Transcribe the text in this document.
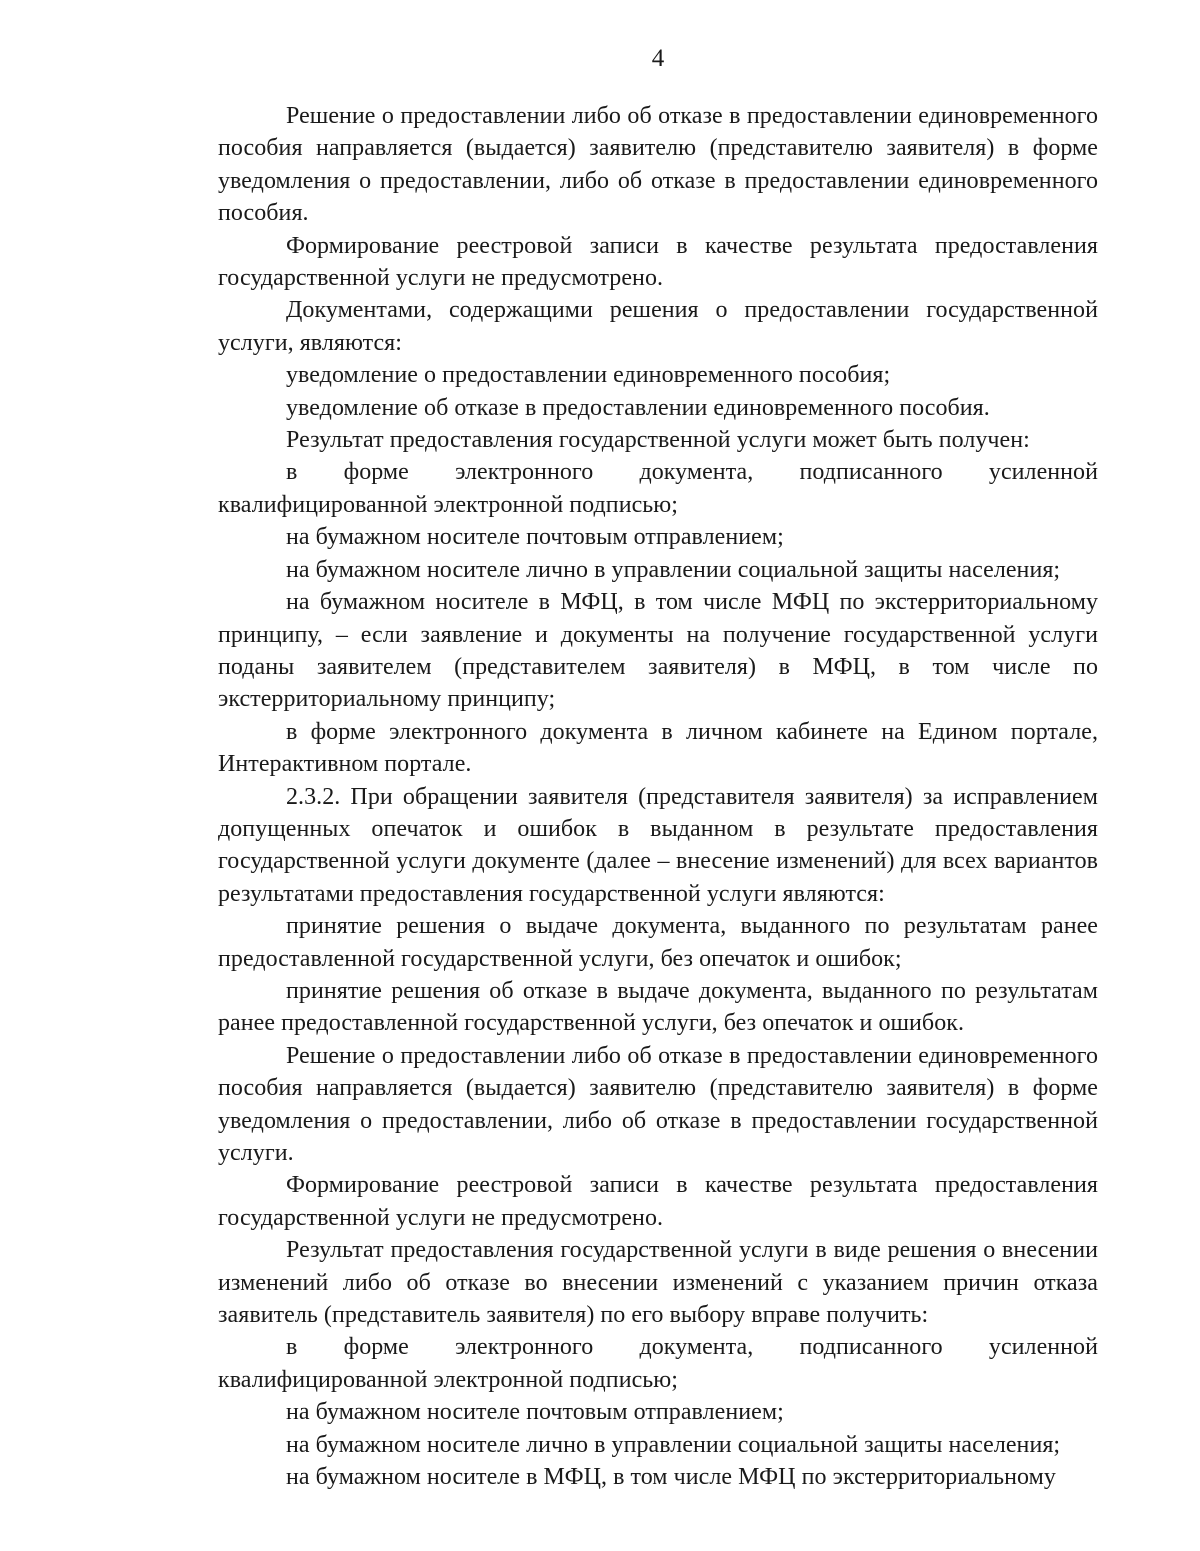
4

Решение о предоставлении либо об отказе в предоставлении единовременного пособия направляется (выдается) заявителю (представителю заявителя) в форме уведомления о предоставлении, либо об отказе в предоставлении единовременного пособия.

Формирование реестровой записи в качестве результата предоставления государственной услуги не предусмотрено.

Документами, содержащими решения о предоставлении государственной услуги, являются:

уведомление о предоставлении единовременного пособия;

уведомление об отказе в предоставлении единовременного пособия.

Результат предоставления государственной услуги может быть получен:

в форме электронного документа, подписанного усиленной квалифицированной электронной подписью;

на бумажном носителе почтовым отправлением;

на бумажном носителе лично в управлении социальной защиты населения;

на бумажном носителе в МФЦ, в том числе МФЦ по экстерриториальному принципу, – если заявление и документы на получение государственной услуги поданы заявителем (представителем заявителя) в МФЦ, в том числе по экстерриториальному принципу;

в форме электронного документа в личном кабинете на Едином портале, Интерактивном портале.

2.3.2. При обращении заявителя (представителя заявителя) за исправлением допущенных опечаток и ошибок в выданном в результате предоставления государственной услуги документе (далее – внесение изменений) для всех вариантов результатами предоставления государственной услуги являются:

принятие решения о выдаче документа, выданного по результатам ранее предоставленной государственной услуги, без опечаток и ошибок;

принятие решения об отказе в выдаче документа, выданного по результатам ранее предоставленной государственной услуги, без опечаток и ошибок.

Решение о предоставлении либо об отказе в предоставлении единовременного пособия направляется (выдается) заявителю (представителю заявителя) в форме уведомления о предоставлении, либо об отказе в предоставлении государственной услуги.

Формирование реестровой записи в качестве результата предоставления государственной услуги не предусмотрено.

Результат предоставления государственной услуги в виде решения о внесении изменений либо об отказе во внесении изменений с указанием причин отказа заявитель (представитель заявителя) по его выбору вправе получить:

в форме электронного документа, подписанного усиленной квалифицированной электронной подписью;

на бумажном носителе почтовым отправлением;

на бумажном носителе лично в управлении социальной защиты населения;

на бумажном носителе в МФЦ, в том числе МФЦ по экстерриториальному
